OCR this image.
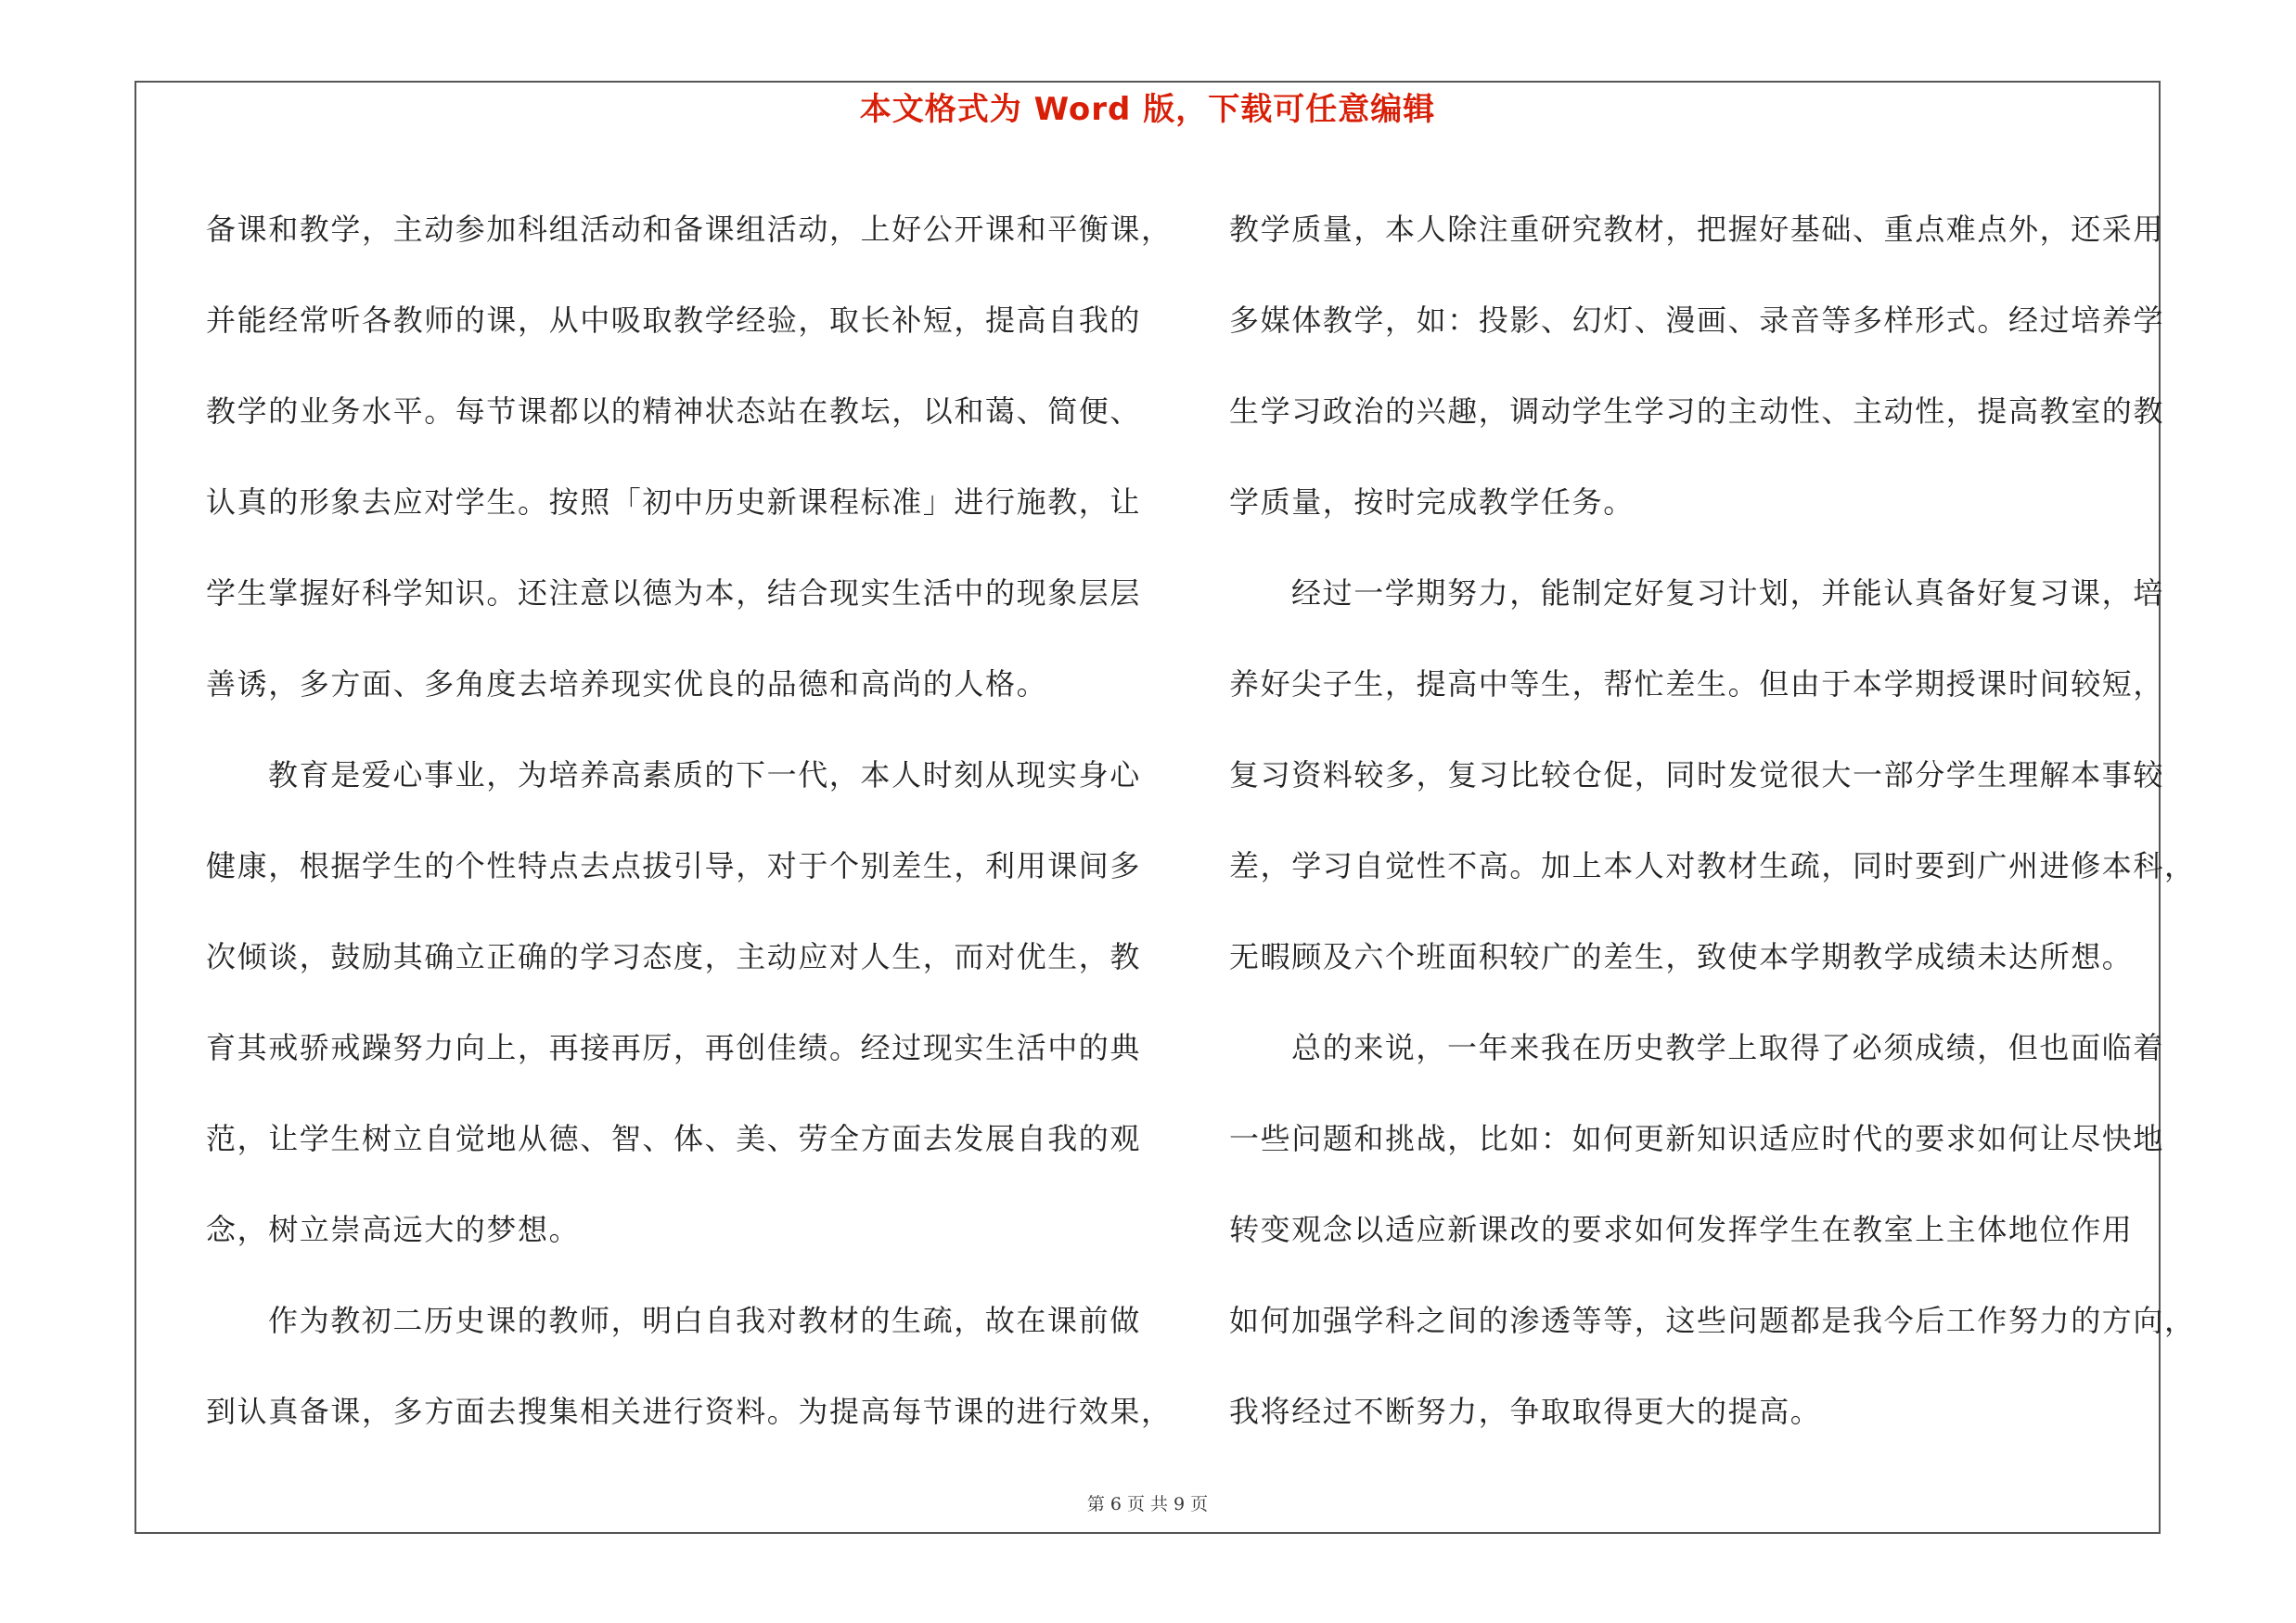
本文格式为 Word 版，下载可任意编辑

备课和教学，主动参加科组活动和备课组活动，上好公开课和平衡课，

并能经常听各教师的课，从中吸取教学经验，取长补短，提高自我的

教学的业务水平。每节课都以的精神状态站在教坛，以和蔼、简便、

认真的形象去应对学生。按照「初中历史新课程标准」进行施教，让

学生掌握好科学知识。还注意以德为本，结合现实生活中的现象层层

善诱，多方面、多角度去培养现实优良的品德和高尚的人格。

教育是爱心事业，为培养高素质的下一代，本人时刻从现实身心

健康，根据学生的个性特点去点拔引导，对于个别差生，利用课间多

次倾谈，鼓励其确立正确的学习态度，主动应对人生，而对优生，教

育其戒骄戒躁努力向上，再接再厉，再创佳绩。经过现实生活中的典

范，让学生树立自觉地从德、智、体、美、劳全方面去发展自我的观

念，树立崇高远大的梦想。

作为教初二历史课的教师，明白自我对教材的生疏，故在课前做

到认真备课，多方面去搜集相关进行资料。为提高每节课的进行效果，

教学质量，本人除注重研究教材，把握好基础、重点难点外，还采用

多媒体教学，如：投影、幻灯、漫画、录音等多样形式。经过培养学

生学习政治的兴趣，调动学生学习的主动性、主动性，提高教室的教

学质量，按时完成教学任务。

经过一学期努力，能制定好复习计划，并能认真备好复习课，培

养好尖子生，提高中等生，帮忙差生。但由于本学期授课时间较短，

复习资料较多，复习比较仓促，同时发觉很大一部分学生理解本事较

差，学习自觉性不高。加上本人对教材生疏，同时要到广州进修本科，

无暇顾及六个班面积较广的差生，致使本学期教学成绩未达所想。

总的来说，一年来我在历史教学上取得了必须成绩，但也面临着

一些问题和挑战，比如：如何更新知识适应时代的要求如何让尽快地

转变观念以适应新课改的要求如何发挥学生在教室上主体地位作用

如何加强学科之间的渗透等等，这些问题都是我今后工作努力的方向，

我将经过不断努力，争取取得更大的提高。

第 6 页 共 9 页
